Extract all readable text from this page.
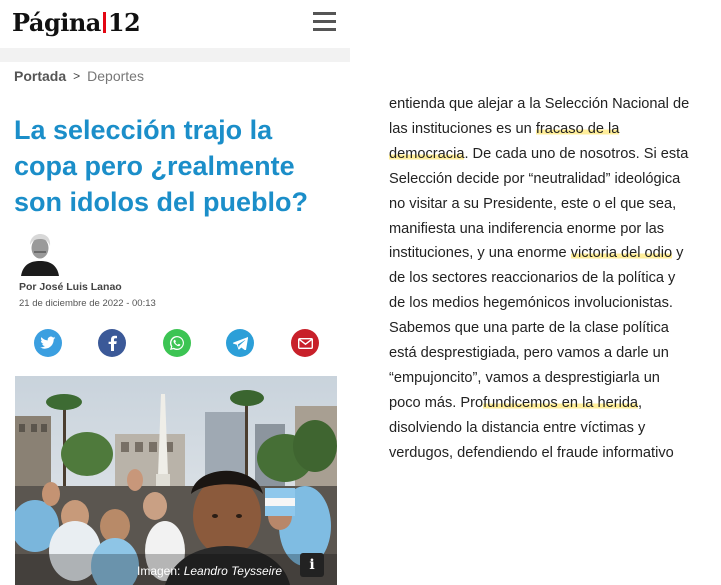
Página 12
Portada > Deportes
La selección trajo la copa pero ¿realmente son idolos del pueblo?
Por José Luis Lanao
21 de diciembre de 2022 - 00:13
Imagen: Leandro Teysseire	i
entienda que alejar a la Selección Nacional de
las instituciones es un fracaso de la
democracia. De cada uno de nosotros. Si esta
Selección decide por “neutralidad” ideológica
no visitar a su Presidente, este o el que sea,
manifiesta una indiferencia enorme por las
instituciones, y una enorme victoria del odio y
de los sectores reaccionarios de la política y
de los medios hegemónicos involucionistas.
Sabemos que una parte de la clase política
está desprestigiada, pero vamos a darle un
“empujoncito”, vamos a desprestigiarla un
poco más. Profundicemos en la herida,
disolviendo la distancia entre víctimas y
verdugos, defendiendo el fraude informativo
